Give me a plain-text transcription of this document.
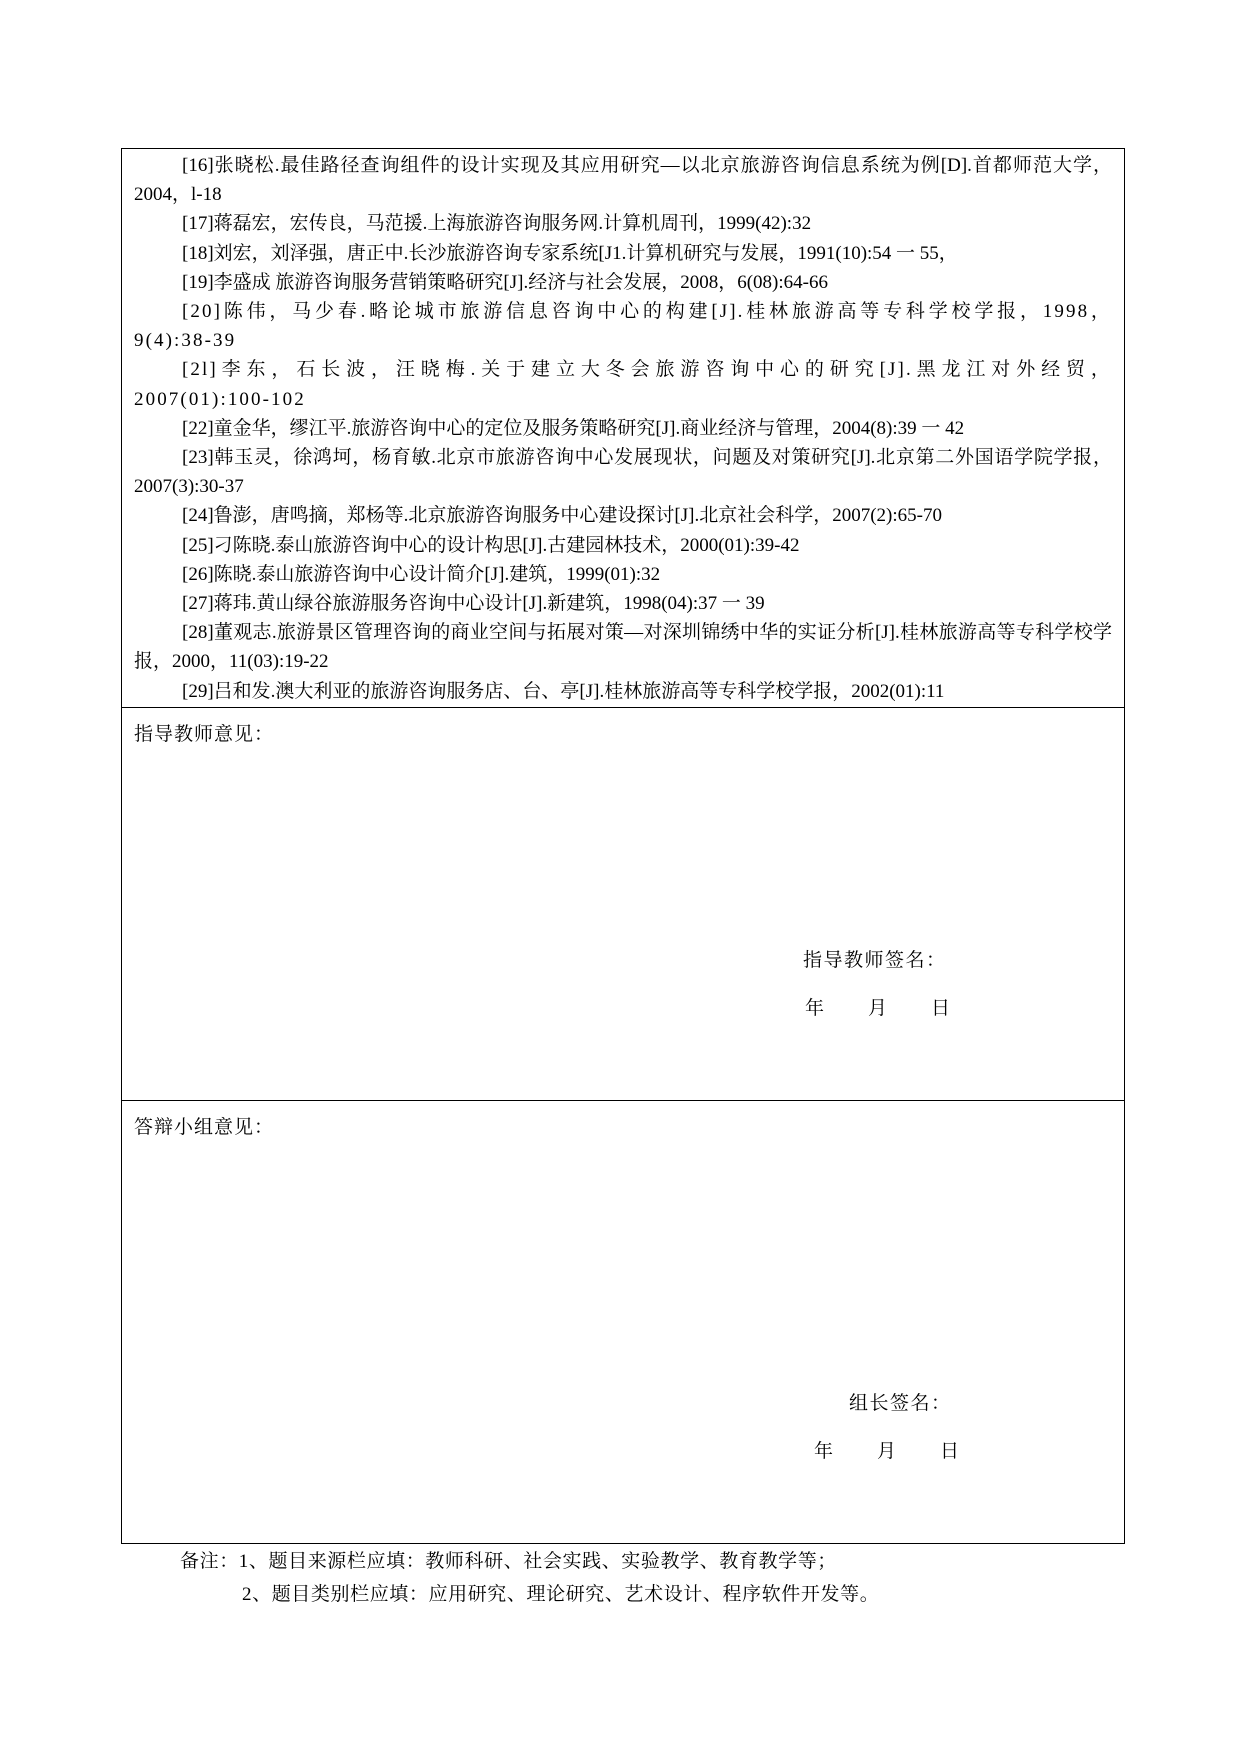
[16]张晓松.最佳路径查询组件的设计实现及其应用研究—以北京旅游咨询信息系统为例[D].首都师范大学，2004，l-18

[17]蒋磊宏，宏传良，马范援.上海旅游咨询服务网.计算机周刊，1999(42):32

[18]刘宏，刘泽强，唐正中.长沙旅游咨询专家系统[J1.计算机研究与发展，1991(10):54 一 55，

[19]李盛成 旅游咨询服务营销策略研究[J].经济与社会发展，2008，6(08):64-66

[20]陈伟，马少春.略论城市旅游信息咨询中心的构建[J].桂林旅游高等专科学校学报，1998，9(4):38-39

[2l]李东，石长波，汪晓梅.关于建立大冬会旅游咨询中心的研究[J].黑龙江对外经贸，2007(01):100-102

[22]童金华，缪江平.旅游咨询中心的定位及服务策略研究[J].商业经济与管理，2004(8):39 一 42

[23]韩玉灵，徐鸿坷，杨育敏.北京市旅游咨询中心发展现状，问题及对策研究[J].北京第二外国语学院学报，2007(3):30-37

[24]鲁澎，唐鸣摘，郑杨等.北京旅游咨询服务中心建设探讨[J].北京社会科学，2007(2):65-70

[25]刁陈晓.泰山旅游咨询中心的设计构思[J].古建园林技术，2000(01):39-42

[26]陈晓.泰山旅游咨询中心设计简介[J].建筑，1999(01):32

[27]蒋玮.黄山绿谷旅游服务咨询中心设计[J].新建筑，1998(04):37 一 39

[28]董观志.旅游景区管理咨询的商业空间与拓展对策—对深圳锦绣中华的实证分析[J].桂林旅游高等专科学校学报，2000，11(03):19-22

[29]吕和发.澳大利亚的旅游咨询服务店、台、亭[J].桂林旅游高等专科学校学报，2002(01):11

指导教师意见：
指导教师签名：
年 月 日
答辩小组意见：
组长签名：
年 月 日
备注：1、题目来源栏应填：教师科研、社会实践、实验教学、教育教学等；
2、题目类别栏应填：应用研究、理论研究、艺术设计、程序软件开发等。
